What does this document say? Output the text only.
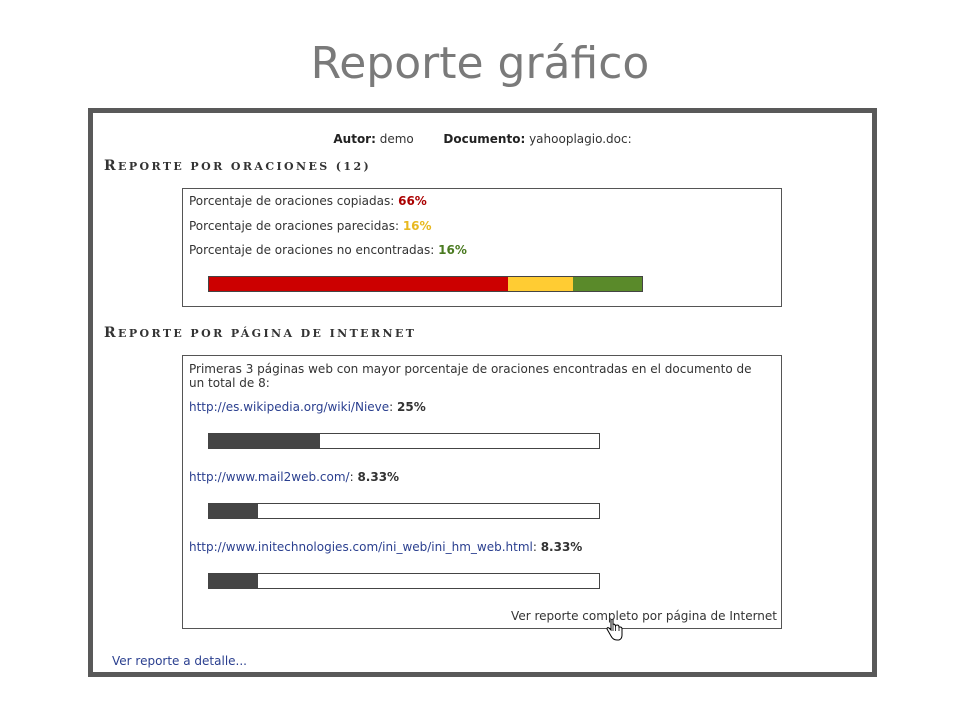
Reporte gráfico
Autor: demo Documento: yahooplagio.doc:
REPORTE POR ORACIONES (12)
Porcentaje de oraciones copiadas: 66%
Porcentaje de oraciones parecidas: 16%
Porcentaje de oraciones no encontradas: 16%
REPORTE POR PÁGINA DE INTERNET
Primeras 3 páginas web con mayor porcentaje de oraciones encontradas en el documento de un total de 8:
http://es.wikipedia.org/wiki/Nieve: 25%
http://www.mail2web.com/: 8.33%
http://www.initechnologies.com/ini_web/ini_hm_web.html: 8.33%
Ver reporte completo por página de Internet
Ver reporte a detalle...
